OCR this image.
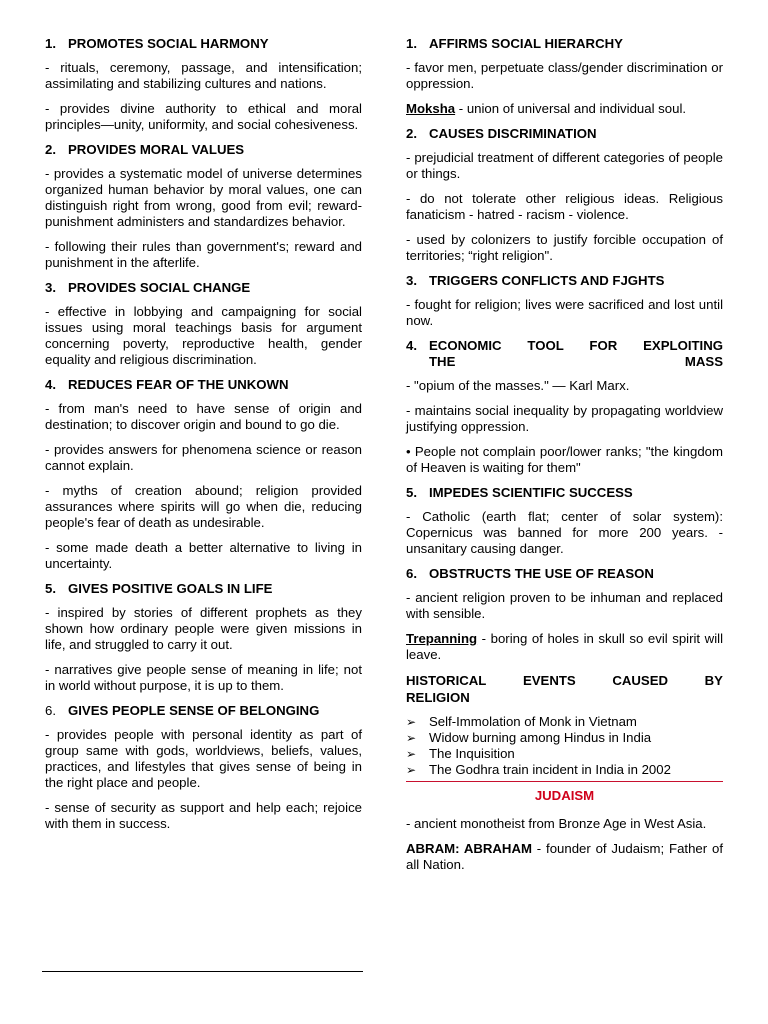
1. PROMOTES SOCIAL HARMONY

- rituals, ceremony, passage, and intensification; assimilating and stabilizing cultures and nations.

- provides divine authority to ethical and moral principles—unity, uniformity, and social cohesiveness.

2. PROVIDES MORAL VALUES

- provides a systematic model of universe determines organized human behavior by moral values, one can distinguish right from wrong, good from evil; reward- punishment administers and standardizes behavior.

- following their rules than government's; reward and punishment in the afterlife.

3. PROVIDES SOCIAL CHANGE

- effective in lobbying and campaigning for social issues using moral teachings basis for argument concerning poverty, reproductive health, gender equality and religious discrimination.

4. REDUCES FEAR OF THE UNKOWN

- from man's need to have sense of origin and destination; to discover origin and bound to go die.

- provides answers for phenomena science or reason cannot explain.

- myths of creation abound; religion provided assurances where spirits will go when die, reducing people's fear of death as undesirable.

- some made death a better alternative to living in uncertainty.

5. GIVES POSITIVE GOALS IN LIFE

- inspired by stories of different prophets as they shown how ordinary people were given missions in life, and struggled to carry it out.

- narratives give people sense of meaning in life; not in world without purpose, it is up to them.

6. GIVES PEOPLE SENSE OF BELONGING

- provides people with personal identity as part of group same with gods, worldviews, beliefs, values, practices, and lifestyles that gives sense of being in the right place and people.

- sense of security as support and help each; rejoice with them in success.

1. AFFIRMS SOCIAL HIERARCHY

- favor men, perpetuate class/gender discrimination or oppression.

Moksha - union of universal and individual soul.

2. CAUSES DISCRIMINATION

- prejudicial treatment of different categories of people or things.

- do not tolerate other religious ideas. Religious fanaticism - hatred - racism - violence.

- used by colonizers to justify forcible occupation of territories; “right religion".

3. TRIGGERS CONFLICTS AND FJGHTS

- fought for religion; lives were sacrificed and lost until now.

4. ECONOMIC TOOL FOR EXPLOITING
THE MASS

- "opium of the masses." — Karl Marx.

- maintains social inequality by propagating worldview justifying oppression.

• People not complain poor/lower ranks; "the kingdom of Heaven is waiting for them"

5. IMPEDES SCIENTIFIC SUCCESS

- Catholic (earth flat; center of solar system): Copernicus was banned for more 200 years. - unsanitary causing danger.

6. OBSTRUCTS THE USE OF REASON

- ancient religion proven to be inhuman and replaced with sensible.

Trepanning - boring of holes in skull so evil spirit will leave.

HISTORICAL	EVENTS	CAUSED	BY
RELIGION
➢ Self-Immolation of Monk in Vietnam
➢ Widow burning among Hindus in India
➢ The Inquisition
➢ The Godhra train incident in India in 2002
JUDAISM

- ancient monotheist from Bronze Age in West Asia.

ABRAM: ABRAHAM - founder of Judaism; Father of all Nation.
